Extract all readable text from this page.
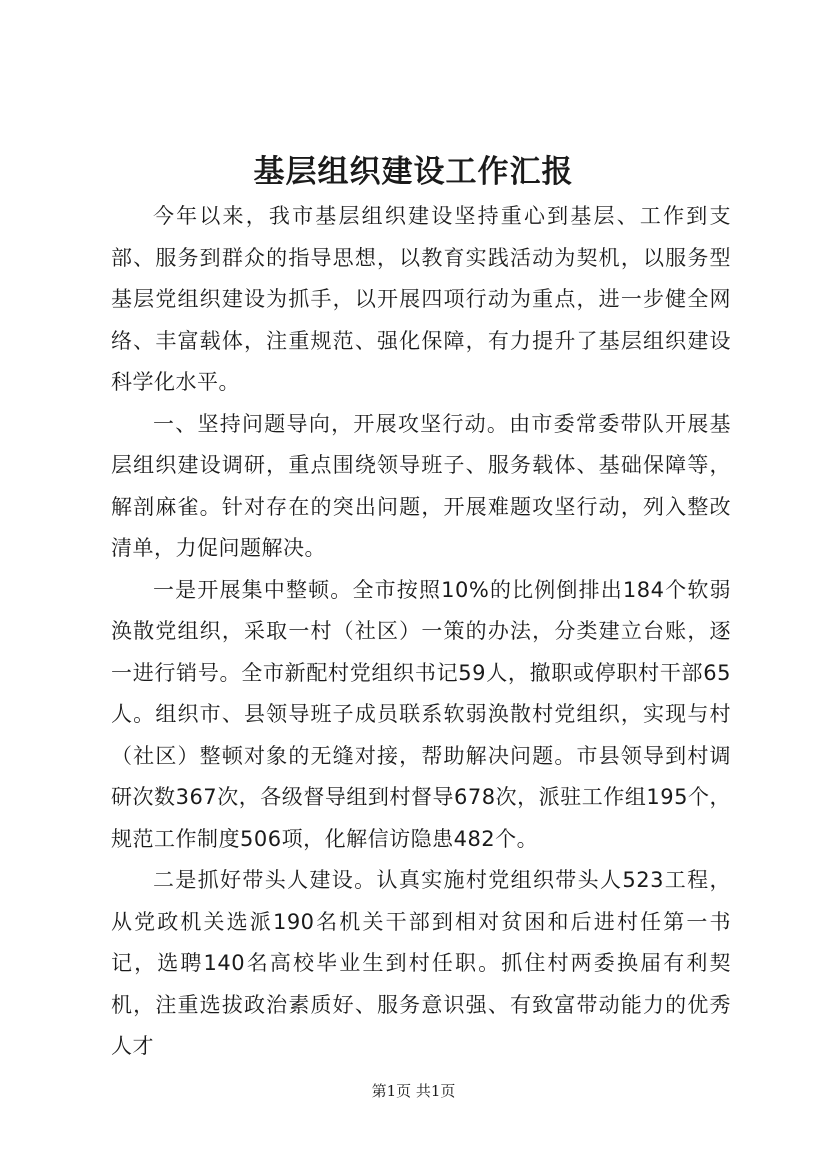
基层组织建设工作汇报

今年以来，我市基层组织建设坚持重心到基层、工作到支部、服务到群众的指导思想，以教育实践活动为契机，以服务型基层党组织建设为抓手，以开展四项行动为重点，进一步健全网络、丰富载体，注重规范、强化保障，有力提升了基层组织建设科学化水平。

一、坚持问题导向，开展攻坚行动。由市委常委带队开展基层组织建设调研，重点围绕领导班子、服务载体、基础保障等，解剖麻雀。针对存在的突出问题，开展难题攻坚行动，列入整改清单，力促问题解决。

一是开展集中整顿。全市按照10%的比例倒排出184个软弱涣散党组织，采取一村（社区）一策的办法，分类建立台账，逐一进行销号。全市新配村党组织书记59人，撤职或停职村干部65人。组织市、县领导班子成员联系软弱涣散村党组织，实现与村（社区）整顿对象的无缝对接，帮助解决问题。市县领导到村调研次数367次，各级督导组到村督导678次，派驻工作组195个，规范工作制度506项，化解信访隐患482个。

二是抓好带头人建设。认真实施村党组织带头人523工程，从党政机关选派190名机关干部到相对贫困和后进村任第一书记，选聘140名高校毕业生到村任职。抓住村两委换届有利契机，注重选拔政治素质好、服务意识强、有致富带动能力的优秀人才

第1页 共1页
